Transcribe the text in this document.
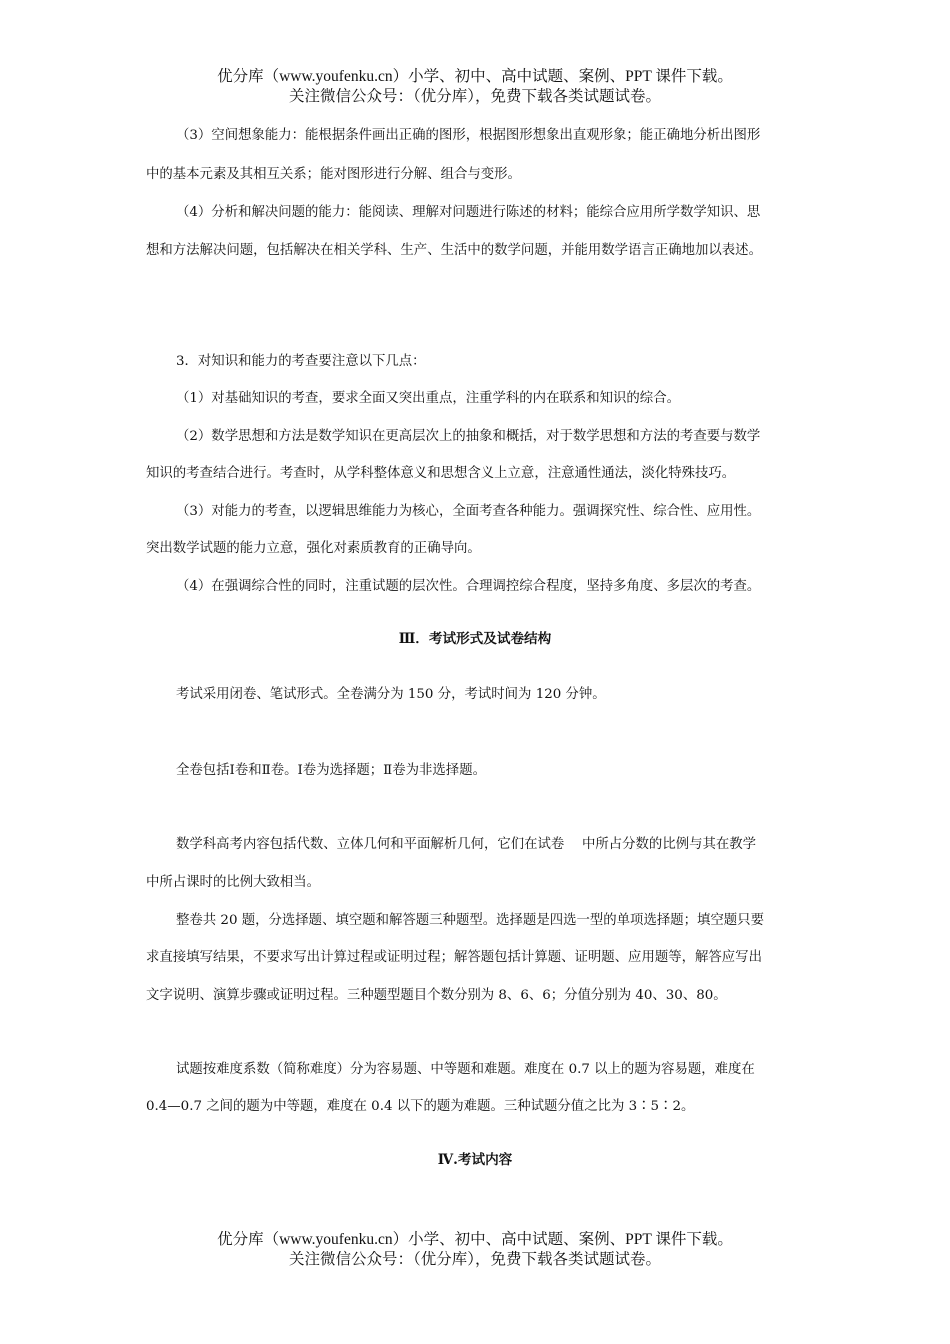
优分库（www.youfenku.cn）小学、初中、高中试题、案例、PPT 课件下载。
关注微信公众号：（优分库），免费下载各类试题试卷。
（3）空间想象能力：能根据条件画出正确的图形，根据图形想象出直观形象；能正确地分析出图形
中的基本元素及其相互关系；能对图形进行分解、组合与变形。
（4）分析和解决问题的能力：能阅读、理解对问题进行陈述的材料；能综合应用所学数学知识、思
想和方法解决问题，包括解决在相关学科、生产、生活中的数学问题，并能用数学语言正确地加以表述。
3．对知识和能力的考查要注意以下几点：
（1）对基础知识的考查，要求全面又突出重点，注重学科的内在联系和知识的综合。
（2）数学思想和方法是数学知识在更高层次上的抽象和概括，对于数学思想和方法的考查要与数学
知识的考查结合进行。考查时，从学科整体意义和思想含义上立意，注意通性通法，淡化特殊技巧。
（3）对能力的考查，以逻辑思维能力为核心，全面考查各种能力。强调探究性、综合性、应用性。
突出数学试题的能力立意，强化对素质教育的正确导向。
（4）在强调综合性的同时，注重试题的层次性。合理调控综合程度，坚持多角度、多层次的考查。
Ⅲ．考试形式及试卷结构
考试采用闭卷、笔试形式。全卷满分为 150 分，考试时间为 120 分钟。
全卷包括Ⅰ卷和Ⅱ卷。Ⅰ卷为选择题；Ⅱ卷为非选择题。
数学科高考内容包括代数、立体几何和平面解析几何，它们在试卷　 中所占分数的比例与其在教学
中所占课时的比例大致相当。
整卷共 20 题，分选择题、填空题和解答题三种题型。选择题是四选一型的单项选择题；填空题只要
求直接填写结果，不要求写出计算过程或证明过程；解答题包括计算题、证明题、应用题等，解答应写出
文字说明、演算步骤或证明过程。三种题型题目个数分别为 8、6、6；分值分别为 40、30、80。
试题按难度系数（简称难度）分为容易题、中等题和难题。难度在 0.7 以上的题为容易题，难度在
0.4—0.7 之间的题为中等题，难度在 0.4 以下的题为难题。三种试题分值之比为 3∶5∶2。
Ⅳ.考试内容
优分库（www.youfenku.cn）小学、初中、高中试题、案例、PPT 课件下载。
关注微信公众号：（优分库），免费下载各类试题试卷。
